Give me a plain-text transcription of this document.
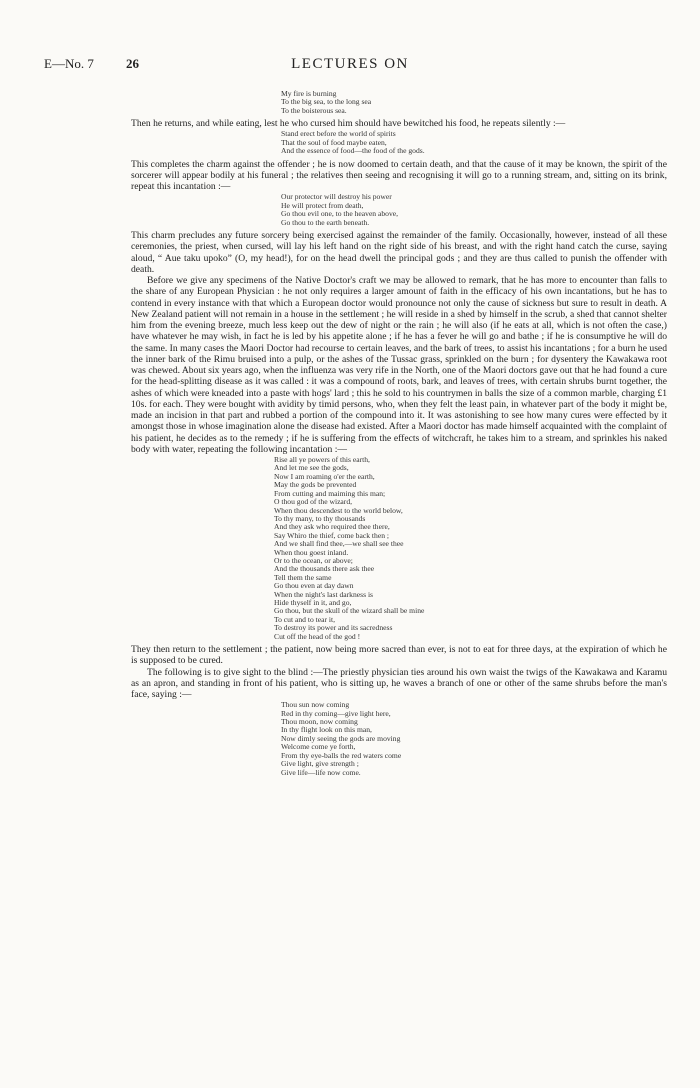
E—No. 7 26	LECTURES ON
My fire is burning
To the big sea, to the long sea
To the boisterous sea.

Then he returns, and while eating, lest he who cursed him should have bewitched his food, he repeats silently :—

Stand erect before the world of spirits
That the soul of food maybe eaten,
And the essence of food—the food of the gods.

This completes the charm against the offender ; he is now doomed to certain death, and that the cause of it may be known, the spirit of the sorcerer will appear bodily at his funeral ; the relatives then seeing and recognising it will go to a running stream, and, sitting on its brink, repeat this incantation :—

Our protector will destroy his power
He will protect from death,
Go thou evil one, to the heaven above,
Go thou to the earth beneath.

This charm precludes any future sorcery being exercised against the remainder of the family. Occasionally, however, instead of all these ceremonies, the priest, when cursed, will lay his left hand on the right side of his breast, and with the right hand catch the curse, saying aloud, “ Aue taku upoko” (O, my head!), for on the head dwell the principal gods ; and they are thus called to punish the offender with death.

Before we give any specimens of the Native Doctor's craft we may be allowed to remark, that he has more to encounter than falls to the share of any European Physician : he not only requires a larger amount of faith in the efficacy of his own incantations, but he has to contend in every instance with that which a European doctor would pronounce not only the cause of sickness but sure to result in death. A New Zealand patient will not remain in a house in the settlement ; he will reside in a shed by himself in the scrub, a shed that cannot shelter him from the evening breeze, much less keep out the dew of night or the rain ; he will also (if he eats at all, which is not often the case,) have whatever he may wish, in fact he is led by his appetite alone ; if he has a fever he will go and bathe ; if he is consumptive he will do the same. In many cases the Maori Doctor had recourse to certain leaves, and the bark of trees, to assist his incantations ; for a burn he used the inner bark of the Rimu bruised into a pulp, or the ashes of the Tussac grass, sprinkled on the burn ; for dysentery the Kawakawa root was chewed. About six years ago, when the influenza was very rife in the North, one of the Maori doctors gave out that he had found a cure for the head-splitting disease as it was called : it was a compound of roots, bark, and leaves of trees, with certain shrubs burnt together, the ashes of which were kneaded into a paste with hogs' lard ; this he sold to his countrymen in balls the size of a common marble, charging £1 10s. for each. They were bought with avidity by timid persons, who, when they felt the least pain, in whatever part of the body it might be, made an incision in that part and rubbed a portion of the compound into it. It was astonishing to see how many cures were effected by it amongst those in whose imagination alone the disease had existed. After a Maori doctor has made himself acquainted with the complaint of his patient, he decides as to the remedy ; if he is suffering from the effects of witchcraft, he takes him to a stream, and sprinkles his naked body with water, repeating the following incantation :—

Rise all ye powers of this earth,
And let me see the gods,
Now I am roaming o'er the earth,
May the gods be prevented
From cutting and maiming this man;
O thou god of the wizard,
When thou descendest to the world below,
To thy many, to thy thousands
And they ask who required thee there,
Say Whiro the thief, come back then ;
And we shall find thee,—we shall see thee
When thou goest inland.
Or to the ocean, or above;
And the thousands there ask thee
Tell them the same
Go thou even at day dawn
When the night's last darkness is
Hide thyself in it, and go,
Go thou, but the skull of the wizard shall be mine
To cut and to tear it,
To destroy its power and its sacredness
Cut off the head of the god !

They then return to the settlement ; the patient, now being more sacred than ever, is not to eat for three days, at the expiration of which he is supposed to be cured.

The following is to give sight to the blind :—The priestly physician ties around his own waist the twigs of the Kawakawa and Karamu as an apron, and standing in front of his patient, who is sitting up, he waves a branch of one or other of the same shrubs before the man's face, saying :—

Thou sun now coming
Red in thy coming—give light here,
Thou moon, now coming
In thy flight look on this man,
Now dimly seeing the gods are moving
Welcome come ye forth,
From thy eye-balls the red waters come
Give light, give strength ;
Give life—life now come.
